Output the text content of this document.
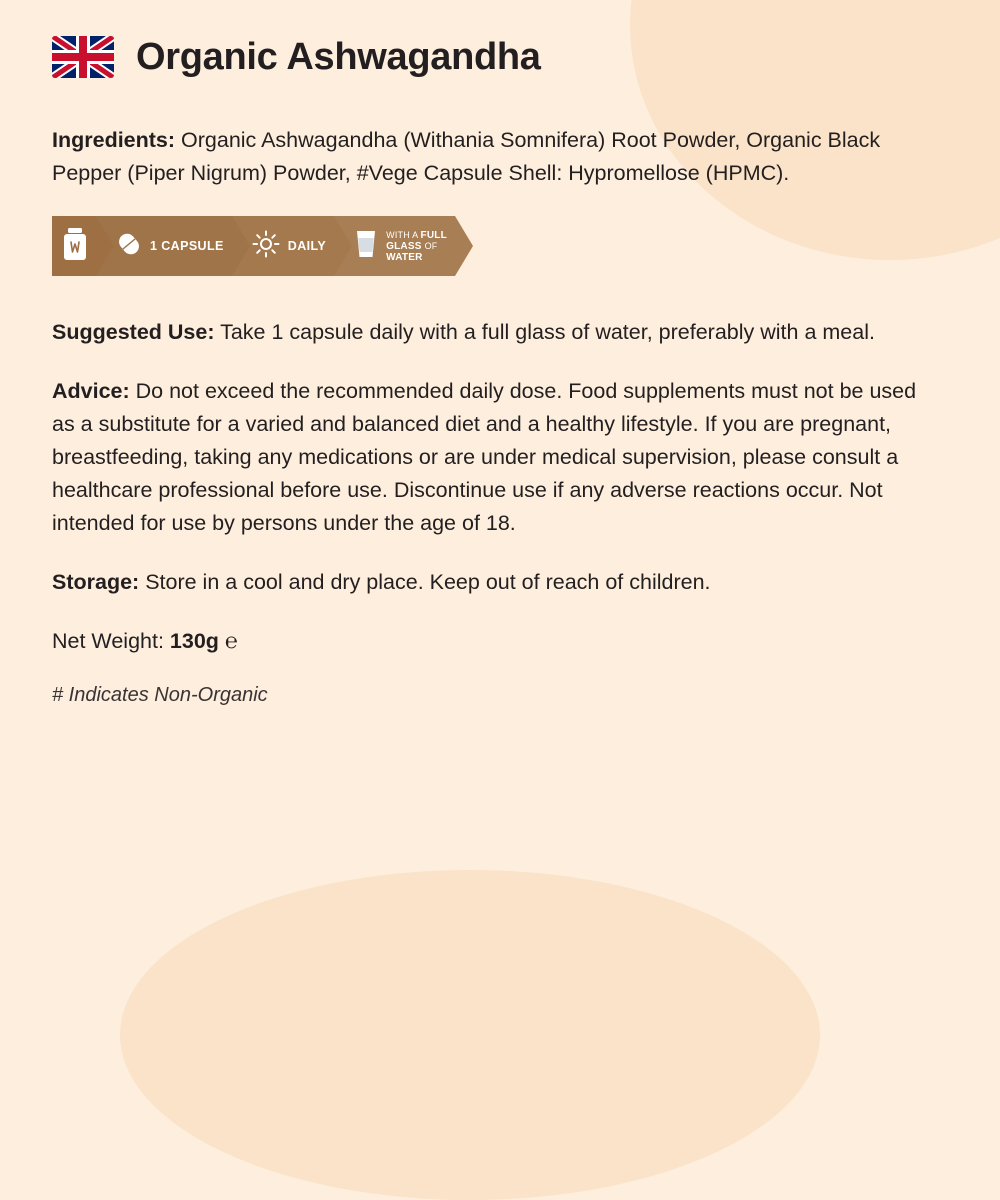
Organic Ashwagandha

Ingredients: Organic Ashwagandha (Withania Somnifera) Root Powder, Organic Black Pepper (Piper Nigrum) Powder, #Vege Capsule Shell: Hypromellose (HPMC).

1 CAPSULE	DAILY
WITH A FULL
GLASS OF
WATER

Suggested Use: Take 1 capsule daily with a full glass of water, preferably with a meal.

Advice: Do not exceed the recommended daily dose. Food supplements must not be used as a substitute for a varied and balanced diet and a healthy lifestyle. If you are pregnant, breastfeeding, taking any medications or are under medical supervision, please consult a healthcare professional before use. Discontinue use if any adverse reactions occur. Not intended for use by persons under the age of 18.

Storage: Store in a cool and dry place. Keep out of reach of children.

Net Weight: 130g ℮

# Indicates Non-Organic
